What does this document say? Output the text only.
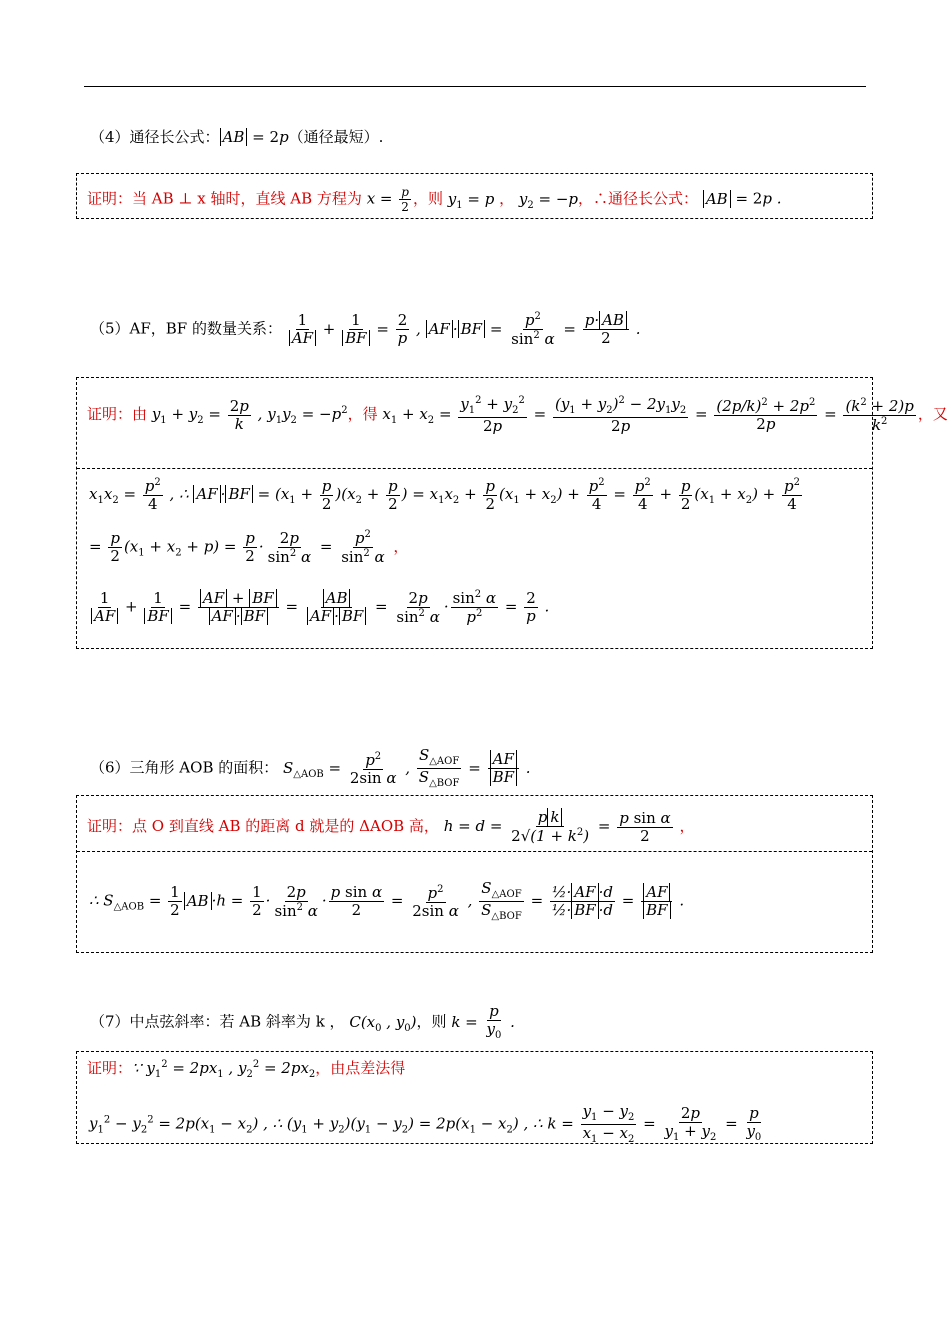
（4）通径长公式： AB = 2p（通径最短）.
证明：当 AB ⊥ x 轴时，直线 AB 方程为 $x = \frac{p}{2}$ ，则 $y_1 = p$ ， $y_2 = -p$，∴通径长公式： AB = 2p .
（5）AF，BF 的数量关系： $\frac{1}{AF} + \frac{1}{BF} = \frac{2}{p}$ , AF · BF = $\frac{p^2}{\sin^2 \alpha} = \frac{p\cdot AB}{2}$ .
证明：由 $y_1 + y_2 = \frac{2p}{k}$ , $y_1y_2 = -p^2$，得 $x_1 + x_2 = \frac{y_1^2 + y_2^2}{2p} = \frac{(y_1 + y_2)^2 - 2y_1y_2}{2p} = \frac{(2p/k)^2 + 2p^2}{2p} = \frac{(k^2 + 2)p}{k^2}$ ，又
$x_1x_2 = \frac{p^2}{4}$ , ∴ AF · BF = $(x_1 + \frac{p}{2} )(x_2 + \frac{p}{2}$ ) = $x_1x_2 + \frac{p}{2} (x_1 + x_2) + \frac{p^2}{4} = \frac{p^2}{4} + \frac{p}{2} (x_1 + x_2) + \frac{p^2}{4}$
= $\frac{p}{2} (x_1 + x_2 + p) = \frac{p}{2} \cdot \frac{2p}{\sin^2 \alpha} = \frac{p^2}{\sin^2 \alpha}$ ，
$\frac{1}{AF} + \frac{1}{BF} = \frac{AF + BF}{AF \cdot BF} = \frac{AB}{AF \cdot BF} = \frac{2p}{\sin^2 \alpha} \cdot \frac{\sin^2 \alpha}{p^2} = \frac{2}{p}$ .
（6）三角形 AOB 的面积： $S_{\triangle AOB} = \frac{p^2}{\text{2sin α}}$ ,
$S_{\triangle AOF}$
$S_{\triangle BOF}$
= $\frac{AF}{BF}$ .
证明：点 O 到直线 AB 的距离 d 就是的 ΔAOB 高， $h = d = \frac{\text{p k}}{2√(1 + k^2)} = \frac{\text{p sin α}}{2}$ ，
∴ $S_{\triangle AOB} = \frac{1}{2}$ AB $\cdot h = \frac{1}{2} \cdot \frac{2p}{\sin^2 \alpha} \cdot \frac{\text{p sin α}}{2} = \frac{p^2}{\text{2sin α}}$ ,
$S_{\triangle AOF}$
$S_{\triangle BOF}$
= $\frac{\text{½· AF ·d}}{\text{½· BF ·d}} = \frac{AF}{BF}$ .
（7）中点弦斜率：若 AB 斜率为 k ， $C(x_0$ , $y_0$)，则 $k = \frac{p}{y_0}$ .
证明：∵ $y_1^2 = 2px_1$ , $y_2^2 = 2px_2$，由点差法得
$y_1^2 - y_2^2 = 2p(x_1 - x_2)$ , ∴ $(y_1 + y_2)(y_1 - y_2) = 2p(x_1 - x_2)$ , ∴ $k = \frac{y_1 - y_2}{x_1 - x_2} = \frac{2p}{y_1 + y_2} = \frac{p}{y_0}$
